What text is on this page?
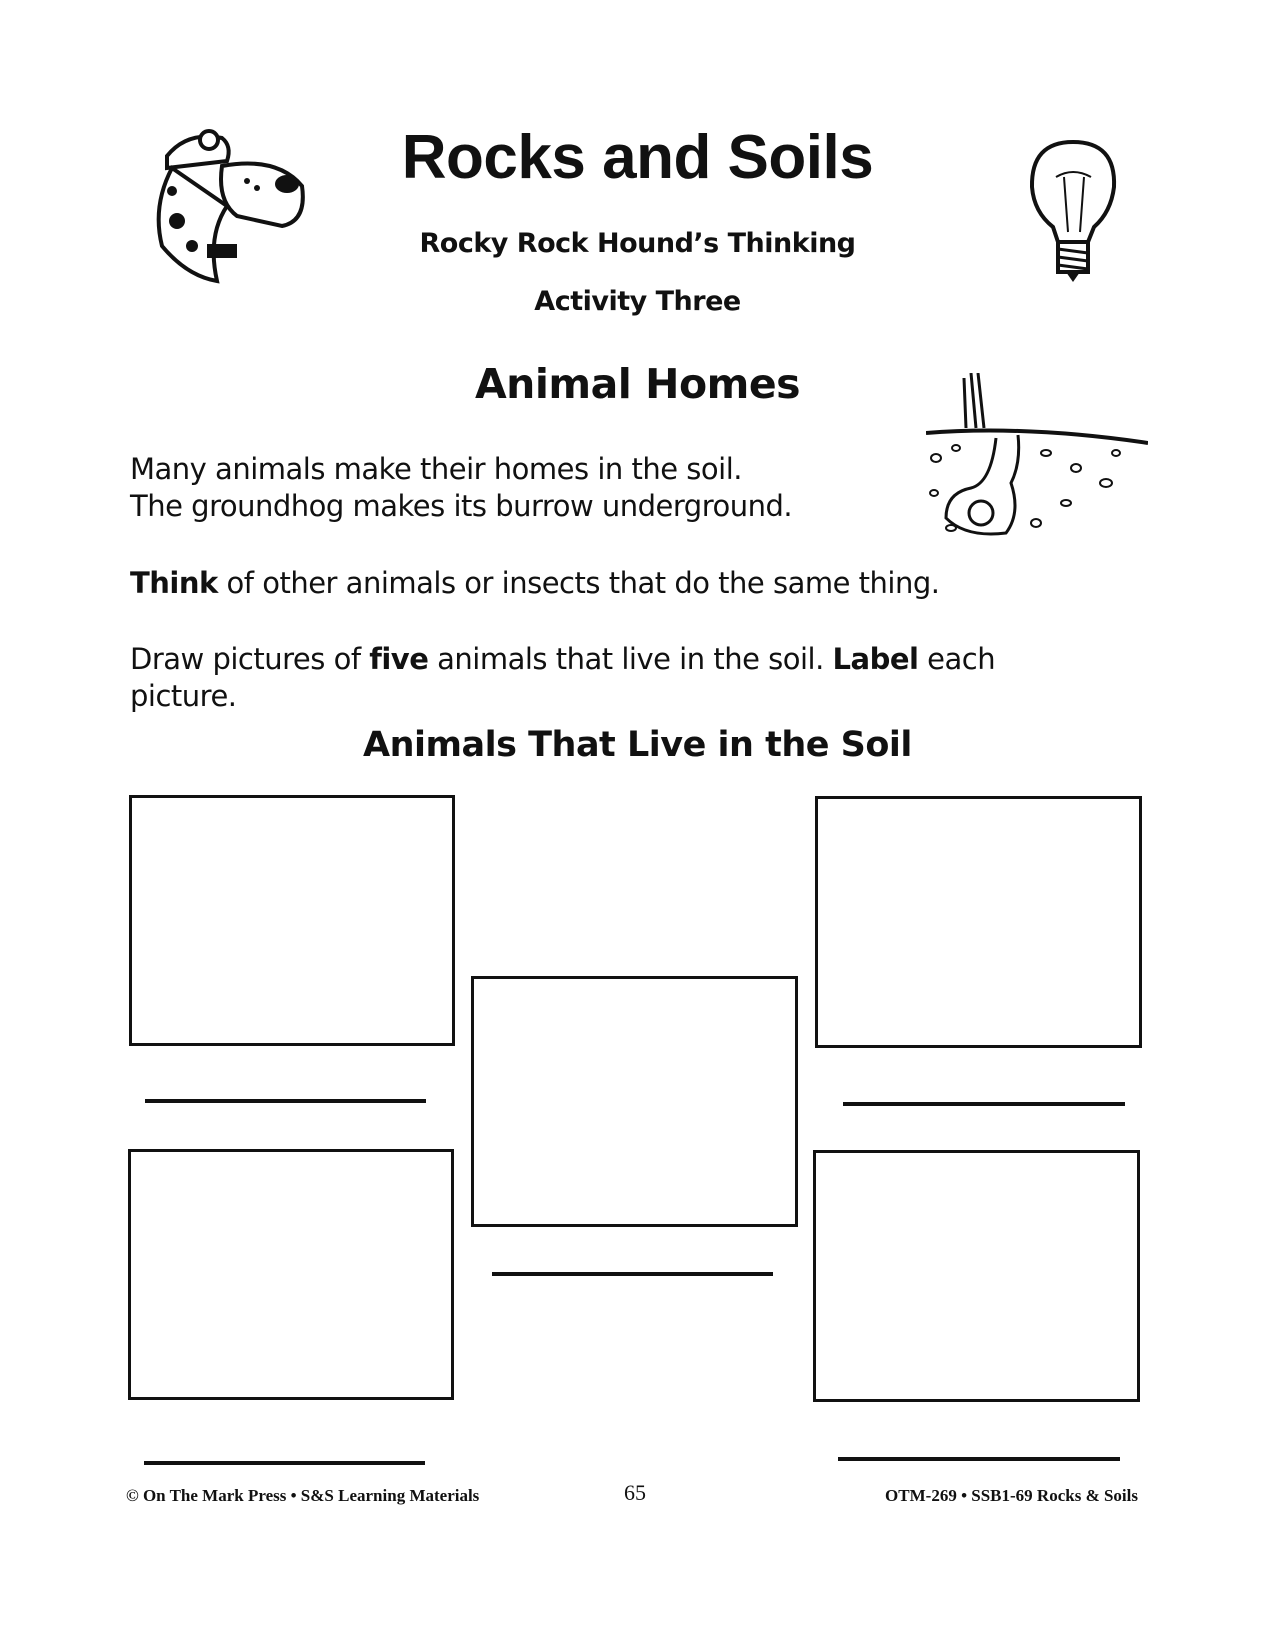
Rocks and Soils
Rocky Rock Hound’s Thinking
Activity Three
Animal Homes
Many animals make their homes in the soil.
The groundhog makes its burrow underground.
Think of other animals or insects that do the same thing.
Draw pictures of five animals that live in the soil. Label each picture.
Animals That Live in the Soil
© On The Mark Press • S&S Learning Materials	65	OTM-269 • SSB1-69 Rocks & Soils
